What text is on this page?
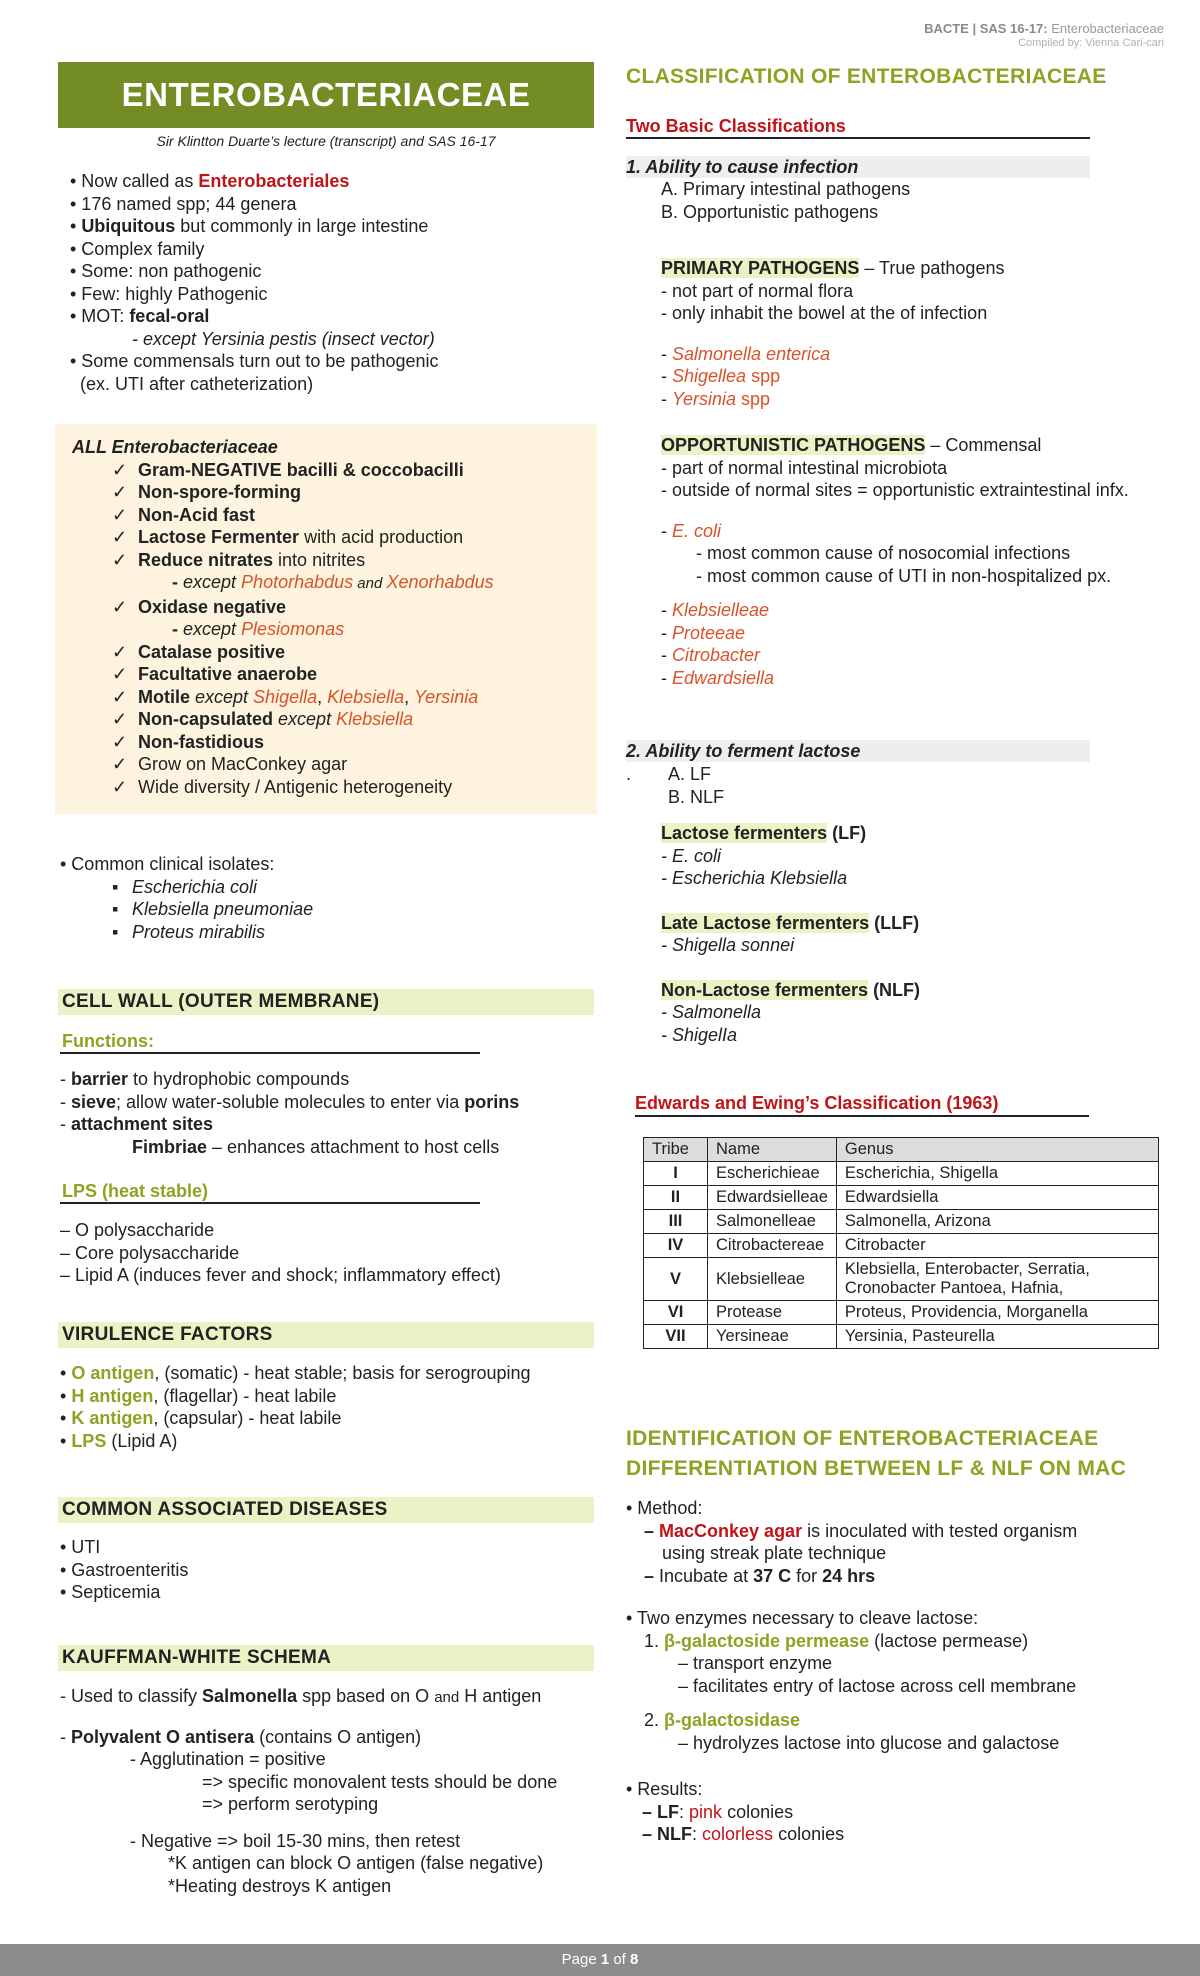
BACTE | SAS 16-17: Enterobacteriaceae
Compiled by: Vienna Cari-cari
ENTEROBACTERIACEAE
Sir Klintton Duarte’s lecture (transcript) and SAS 16-17
• Now called as Enterobacteriales
• 176 named spp; 44 genera
• Ubiquitous but commonly in large intestine
• Complex family
• Some: non pathogenic
• Few: highly Pathogenic
• MOT: fecal-oral
- except Yersinia pestis (insect vector)
• Some commensals turn out to be pathogenic
(ex. UTI after catheterization)
ALL Enterobacteriaceae
✓ Gram-NEGATIVE bacilli & coccobacilli
✓ Non-spore-forming
✓ Non-Acid fast
✓ Lactose Fermenter with acid production
✓ Reduce nitrates into nitrites
- except Photorhabdus and Xenorhabdus
✓ Oxidase negative
- except Plesiomonas
✓ Catalase positive
✓ Facultative anaerobe
✓ Motile except Shigella, Klebsiella, Yersinia
✓ Non-capsulated except Klebsiella
✓ Non-fastidious
✓ Grow on MacConkey agar
✓ Wide diversity / Antigenic heterogeneity
• Common clinical isolates:
▪ Escherichia coli
▪ Klebsiella pneumoniae
▪ Proteus mirabilis
CELL WALL (OUTER MEMBRANE)
Functions:
- barrier to hydrophobic compounds
- sieve; allow water-soluble molecules to enter via porins
- attachment sites
Fimbriae – enhances attachment to host cells
LPS (heat stable)
– O polysaccharide
– Core polysaccharide
– Lipid A (induces fever and shock; inflammatory effect)
VIRULENCE FACTORS
• O antigen, (somatic) - heat stable; basis for serogrouping
• H antigen, (flagellar) - heat labile
• K antigen, (capsular) - heat labile
• LPS (Lipid A)
COMMON ASSOCIATED DISEASES
• UTI
• Gastroenteritis
• Septicemia
KAUFFMAN-WHITE SCHEMA
- Used to classify Salmonella spp based on O and H antigen
- Polyvalent O antisera (contains O antigen)
- Agglutination = positive
=> specific monovalent tests should be done
=> perform serotyping
- Negative => boil 15-30 mins, then retest
*K antigen can block O antigen (false negative)
*Heating destroys K antigen
CLASSIFICATION OF ENTEROBACTERIACEAE
Two Basic Classifications
1. Ability to cause infection
A. Primary intestinal pathogens
B. Opportunistic pathogens
PRIMARY PATHOGENS – True pathogens
- not part of normal flora
- only inhabit the bowel at the of infection
- Salmonella enterica
- Shigellea spp
- Yersinia spp
OPPORTUNISTIC PATHOGENS – Commensal
- part of normal intestinal microbiota
- outside of normal sites = opportunistic extraintestinal infx.
- E. coli
- most common cause of nosocomial infections
- most common cause of UTI in non-hospitalized px.
- Klebsielleae
- Proteeae
- Citrobacter
- Edwardsiella
2. Ability to ferment lactose
. A. LF
B. NLF
Lactose fermenters (LF)
- E. coli
- Escherichia Klebsiella
Late Lactose fermenters (LLF)
- Shigella sonnei
Non-Lactose fermenters (NLF)
- Salmonella
- ShigelIa
Edwards and Ewing’s Classification (1963)
Tribe	Name	Genus
I	Escherichieae	Escherichia, Shigella
II	Edwardsielleae	Edwardsiella
III	Salmonelleae	Salmonella, Arizona
IV	Citrobactereae	Citrobacter
V	Klebsielleae	Klebsiella, Enterobacter, Serratia, Cronobacter Pantoea, Hafnia,
VI	Protease	Proteus, Providencia, Morganella
VII	Yersineae	Yersinia, Pasteurella
IDENTIFICATION OF ENTEROBACTERIACEAE
DIFFERENTIATION BETWEEN LF & NLF ON MAC
• Method:
– MacConkey agar is inoculated with tested organism
using streak plate technique
– Incubate at 37 C for 24 hrs
• Two enzymes necessary to cleave lactose:
1. β-galactoside permease (lactose permease)
– transport enzyme
– facilitates entry of lactose across cell membrane
2. β-galactosidase
– hydrolyzes lactose into glucose and galactose
• Results:
– LF: pink colonies
– NLF: colorless colonies
Page 1 of 8
